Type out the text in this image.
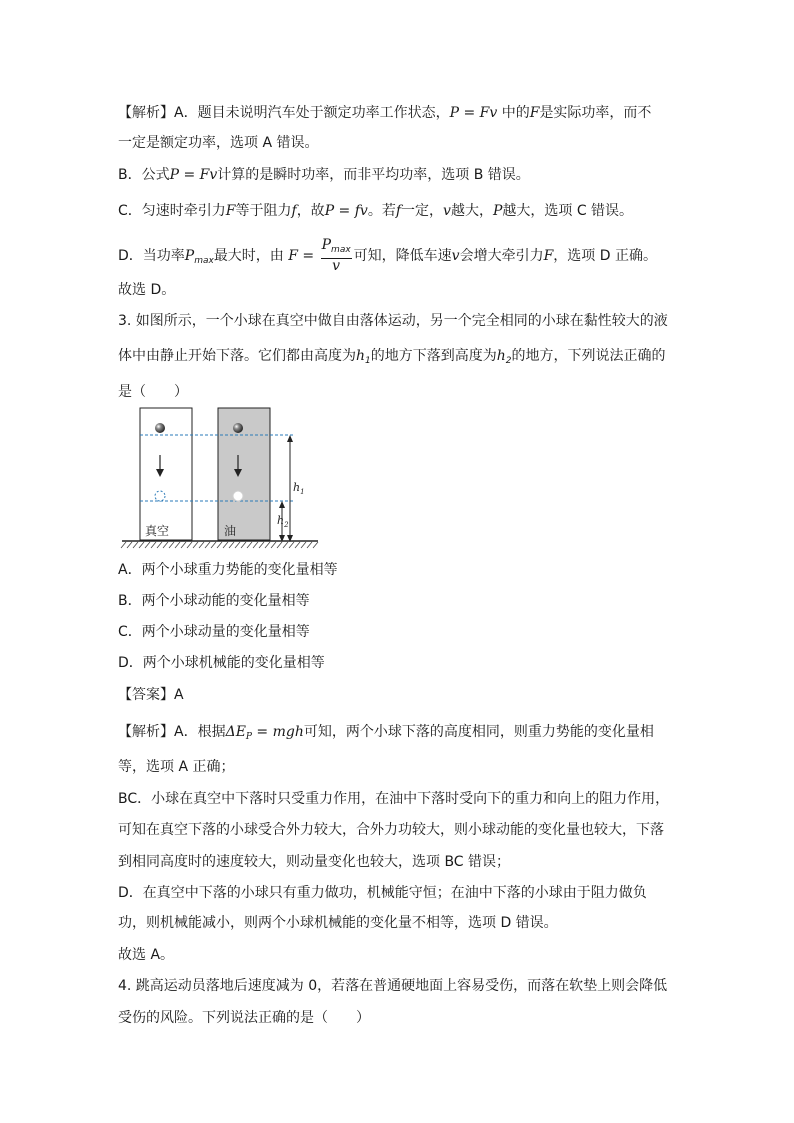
【解析】A．题目未说明汽车处于额定功率工作状态，P = Fv 中的F是实际功率，而不
一定是额定功率，选项 A 错误。
B．公式P = Fv计算的是瞬时功率，而非平均功率，选项 B 错误。
C．匀速时牵引力F等于阻力f，故P = fv。若f一定，v越大，P越大，选项 C 错误。
D．当功率$P_{max}$最大时，由 $F = \frac{P_{max}}{v}$ 可知，降低车速v会增大牵引力F，选项 D 正确。
故选 D。
3. 如图所示，一个小球在真空中做自由落体运动，另一个完全相同的小球在黏性较大的液
体中由静止开始下落。它们都由高度为$h_1$的地方下落到高度为$h_2$的地方，下列说法正确的
是（　　）
$h_1$
$h_2$
真空	油
A．两个小球重力势能的变化量相等
B．两个小球动能的变化量相等
C．两个小球动量的变化量相等
D．两个小球机械能的变化量相等
【答案】A
【解析】A．根据$\Delta E_P$ = mgh可知，两个小球下落的高度相同，则重力势能的变化量相
等，选项 A 正确；
BC．小球在真空中下落时只受重力作用，在油中下落时受向下的重力和向上的阻力作用，
可知在真空下落的小球受合外力较大，合外力功较大，则小球动能的变化量也较大，下落
到相同高度时的速度较大，则动量变化也较大，选项 BC 错误；
D．在真空中下落的小球只有重力做功，机械能守恒；在油中下落的小球由于阻力做负
功，则机械能减小，则两个小球机械能的变化量不相等，选项 D 错误。
故选 A。
4. 跳高运动员落地后速度减为 0，若落在普通硬地面上容易受伤，而落在软垫上则会降低
受伤的风险。下列说法正确的是（　　）
